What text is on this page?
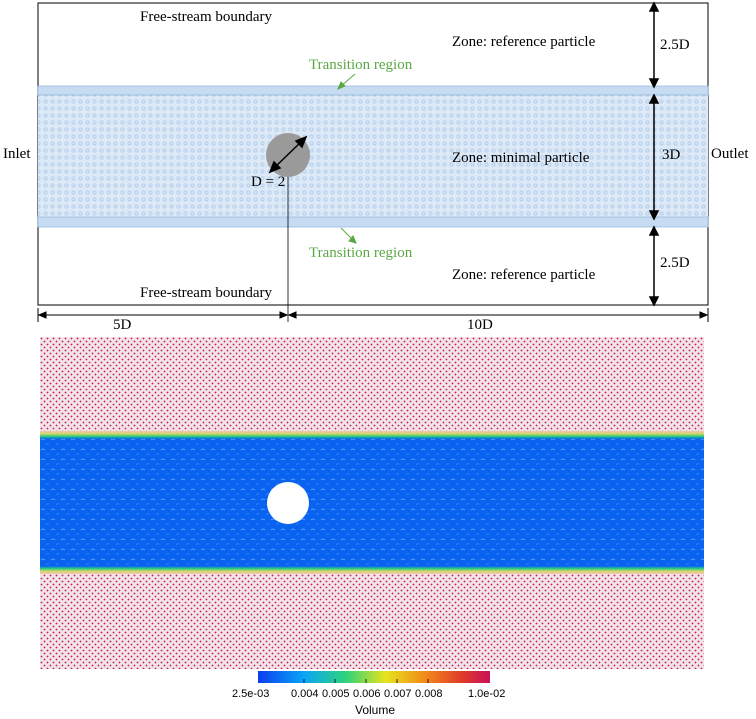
Free-stream boundary
Zone: reference particle
Transition region
2.5D
Inlet	Outlet
Zone: minimal particle	3D
D = 2
Transition region
2.5D
Zone: reference particle
Free-stream boundary
5D	10D
2.5e-03 0.004 0.005 0.006 0.007 0.008 1.0e-02
Volume
